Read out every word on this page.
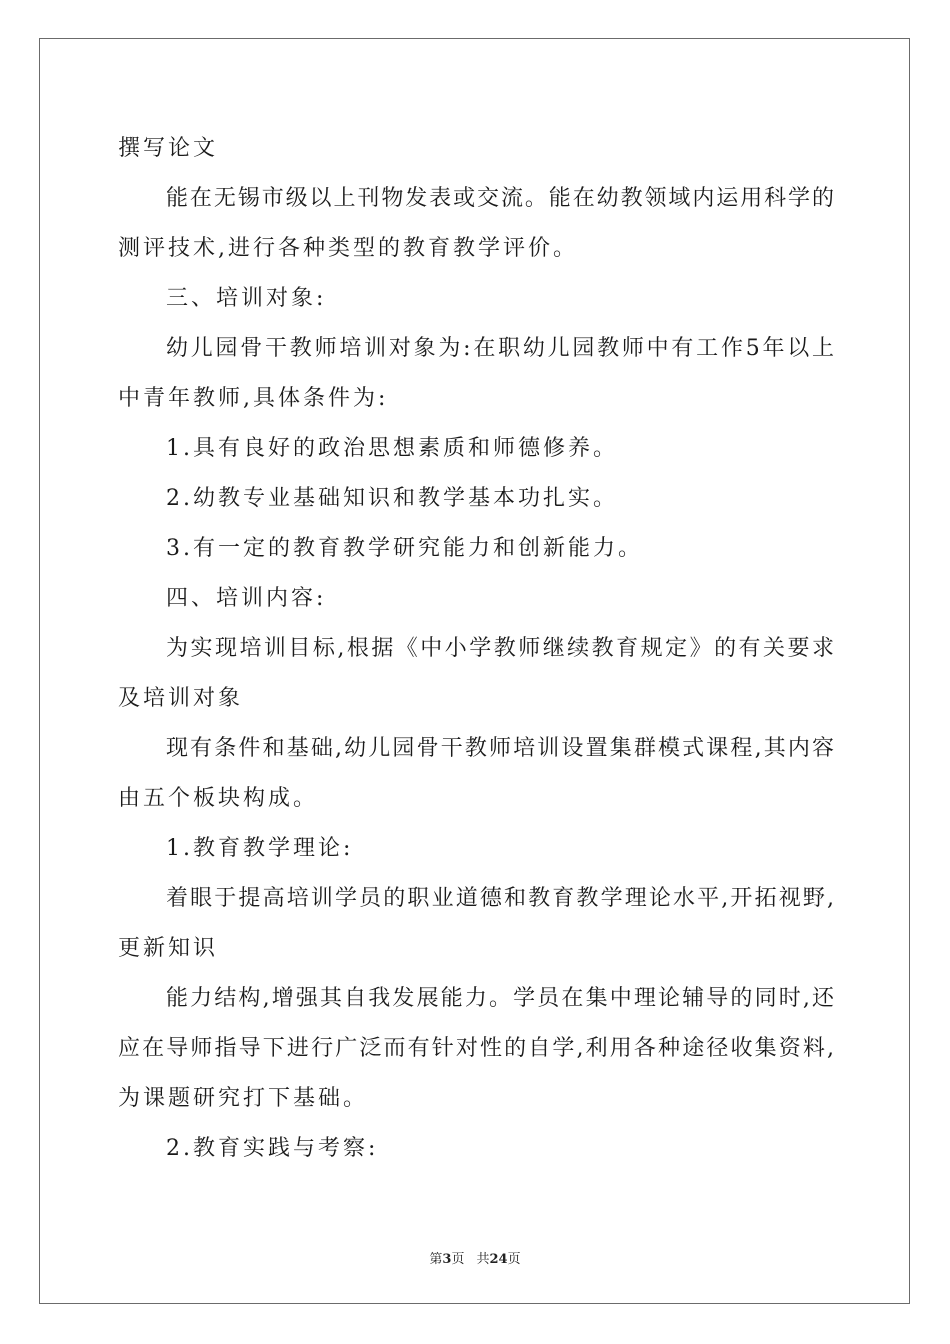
撰写论文
能在无锡市级以上刊物发表或交流。能在幼教领域内运用科学的
测评技术,进行各种类型的教育教学评价。
三、培训对象:
幼儿园骨干教师培训对象为:在职幼儿园教师中有工作5年以上
中青年教师,具体条件为:
1.具有良好的政治思想素质和师德修养。
2.幼教专业基础知识和教学基本功扎实。
3.有一定的教育教学研究能力和创新能力。
四、培训内容:
为实现培训目标,根据《中小学教师继续教育规定》的有关要求
及培训对象
现有条件和基础,幼儿园骨干教师培训设置集群模式课程,其内容
由五个板块构成。
1.教育教学理论:
着眼于提高培训学员的职业道德和教育教学理论水平,开拓视野,
更新知识
能力结构,增强其自我发展能力。学员在集中理论辅导的同时,还
应在导师指导下进行广泛而有针对性的自学,利用各种途径收集资料,
为课题研究打下基础。
2.教育实践与考察:
第3页 共24页
